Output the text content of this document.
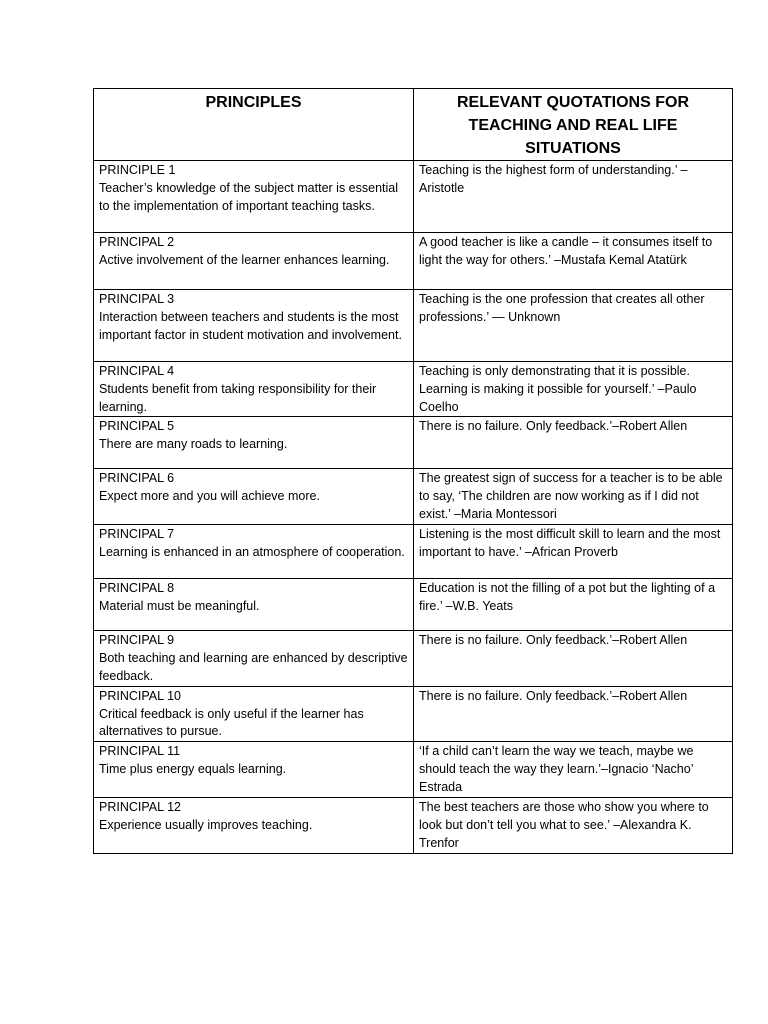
PRINCIPLES	RELEVANT QUOTATIONS FOR TEACHING AND REAL LIFE SITUATIONS

PRINCIPLE 1
Teacher’s knowledge of the subject matter is essential to the implementation of important teaching tasks.	Teaching is the highest form of understanding.’ –Aristotle

PRINCIPAL 2
Active involvement of the learner enhances learning.	A good teacher is like a candle – it consumes itself to light the way for others.’ –Mustafa Kemal Atatürk

PRINCIPAL 3
Interaction between teachers and students is the most important factor in student motivation and involvement.	Teaching is the one profession that creates all other professions.’ — Unknown

PRINCIPAL 4
Students benefit from taking responsibility for their learning.	Teaching is only demonstrating that it is possible. Learning is making it possible for yourself.’ –Paulo Coelho

PRINCIPAL 5
There are many roads to learning.	There is no failure. Only feedback.’–Robert Allen

PRINCIPAL 6
Expect more and you will achieve more.	The greatest sign of success for a teacher is to be able to say, ‘The children are now working as if I did not exist.’ –Maria Montessori

PRINCIPAL 7
Learning is enhanced in an atmosphere of cooperation.	Listening is the most difficult skill to learn and the most important to have.’ –African Proverb

PRINCIPAL 8
Material must be meaningful.	Education is not the filling of a pot but the lighting of a fire.’ –W.B. Yeats

PRINCIPAL 9
Both teaching and learning are enhanced by descriptive feedback.	There is no failure. Only feedback.’–Robert Allen

PRINCIPAL 10
Critical feedback is only useful if the learner has alternatives to pursue.	There is no failure. Only feedback.’–Robert Allen

PRINCIPAL 11
Time plus energy equals learning.	‘If a child can’t learn the way we teach, maybe we should teach the way they learn.’–Ignacio ‘Nacho’ Estrada

PRINCIPAL 12
Experience usually improves teaching.	The best teachers are those who show you where to look but don’t tell you what to see.’ –Alexandra K. Trenfor
